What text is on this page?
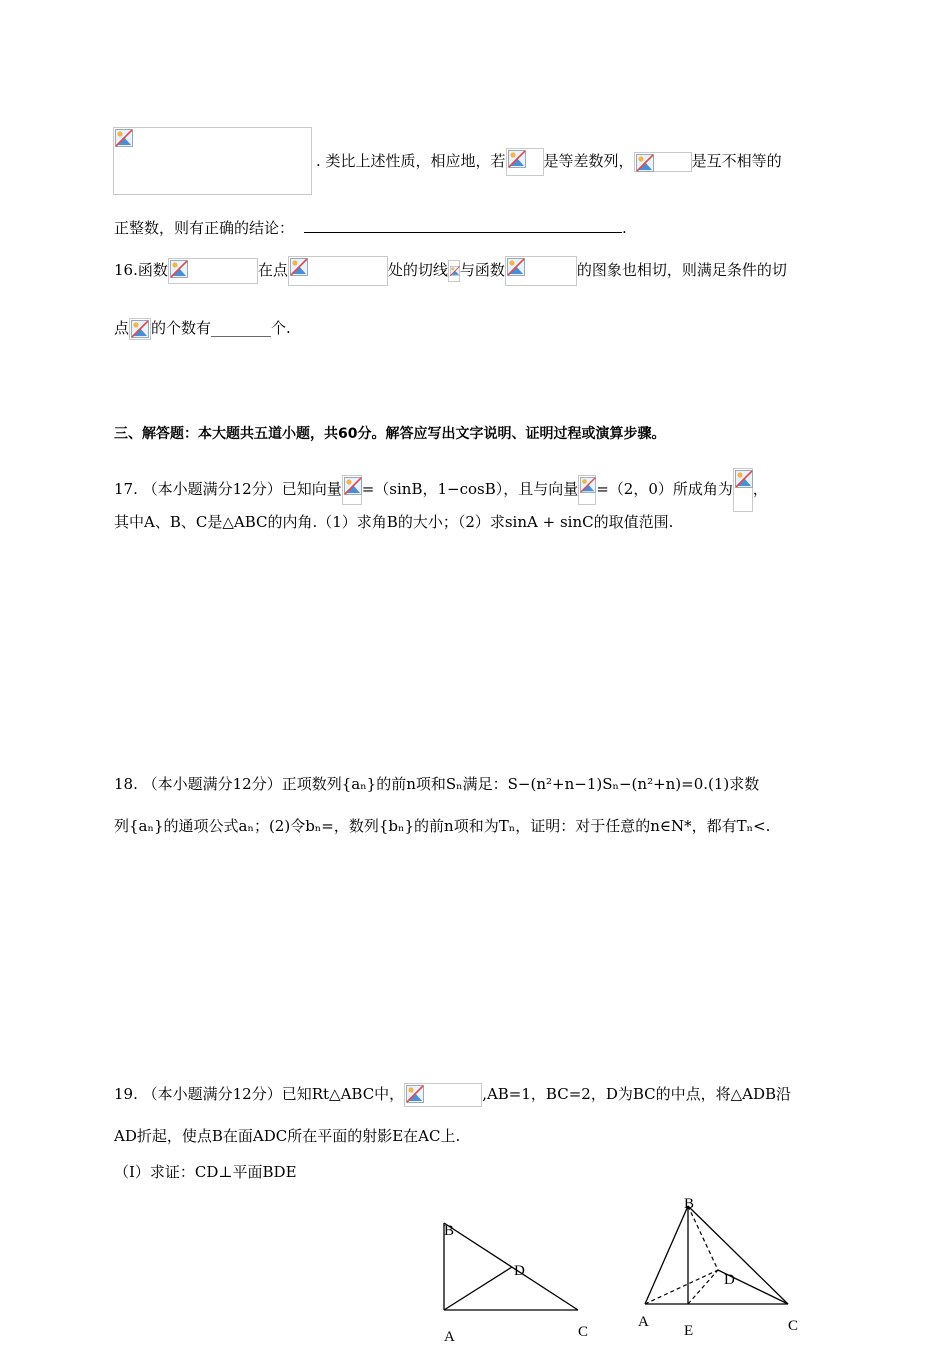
. 类比上述性质，相应地，若	是等差数列，	是互不相等的
正整数，则有正确的结论：	.
16.函数	在点	处的切线 与函数	的图象也相切，则满足条件的切
点 的个数有________个.
三、解答题：本大题共五道小题，共60分。解答应写出文字说明、证明过程或演算步骤。
17. （本小题满分12分）已知向量 =（sinB，1−cosB），且与向量 =（2，0）所成角为 ，
其中A、B、C是△ABC的内角.（1）求角B的大小；（2）求sinA + sinC的取值范围.
18. （本小题满分12分）正项数列{aₙ}的前n项和Sₙ满足：S−(n²+n−1)Sₙ−(n²+n)=0.(1)求数
列{aₙ}的通项公式aₙ；(2)令bₙ=，数列{bₙ}的前n项和为Tₙ，证明：对于任意的n∈N*，都有Tₙ<.
19. （本小题满分12分）已知Rt△ABC中，	,AB=1，BC=2，D为BC的中点，将△ADB沿
AD折起，使点B在面ADC所在平面的射影E在AC上.
（Ⅰ）求证：CD⊥平面BDE
B
D
A	C
B
D
A
E	C
